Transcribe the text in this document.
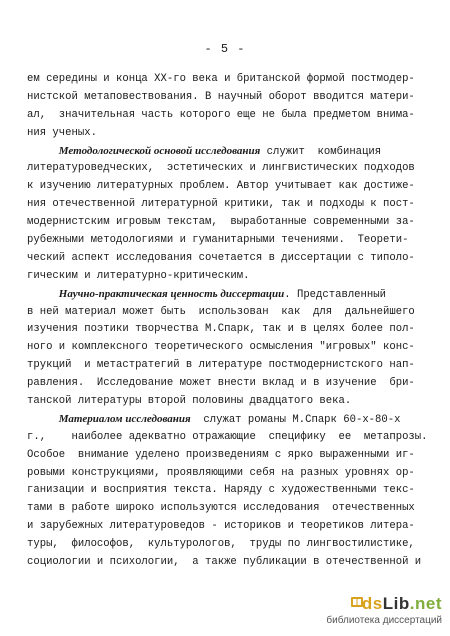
- 5 -
ем середины и конца XX-го века и британской формой постмодер-
нистской метаповествования. В научный оборот вводится матери-
ал,  значительная часть которого еще не была предметом внима-
ния ученых.
Методологической основой исследования служит  комбинация
литературоведческих,  эстетических и лингвистических подходов
к изучению литературных проблем. Автор учитывает как достиже-
ния отечественной литературной критики, так и подходы к пост-
модернистским игровым текстам,  выработанные современными за-
рубежными методологиями и гуманитарными течениями.  Теорети-
ческий аспект исследования сочетается в диссертации с типоло-
гическим и литературно-критическим.
Научно-практическая ценность диссертации. Представленный
в ней материал может быть  использован  как  для  дальнейшего
изучения поэтики творчества М.Спарк, так и в целях более пол-
ного и комплексного теоретического осмысления "игровых" конс-
трукций  и метастратегий в литературе постмодернистского нап-
равления.  Исследование может внести вклад и в изучение  бри-
танской литературы второй половины двадцатого века.
Материалом исследования  служат романы М.Спарк 60-х-80-х
г.,    наиболее адекватно отражающие  специфику  ее  метапрозы.
Особое  внимание уделено произведениям с ярко выраженными иг-
ровыми конструкциями, проявляющими себя на разных уровнях ор-
ганизации и восприятия текста. Наряду с художественными текс-
тами в работе широко используются исследования  отечественных
и зарубежных литературоведов - историков и теоретиков литера-
туры,  философов,  культурологов,  труды по лингвостилистике,
социологии и психологии,  а также публикации в отечественной и
dsLib.net
библиотека диссертаций
